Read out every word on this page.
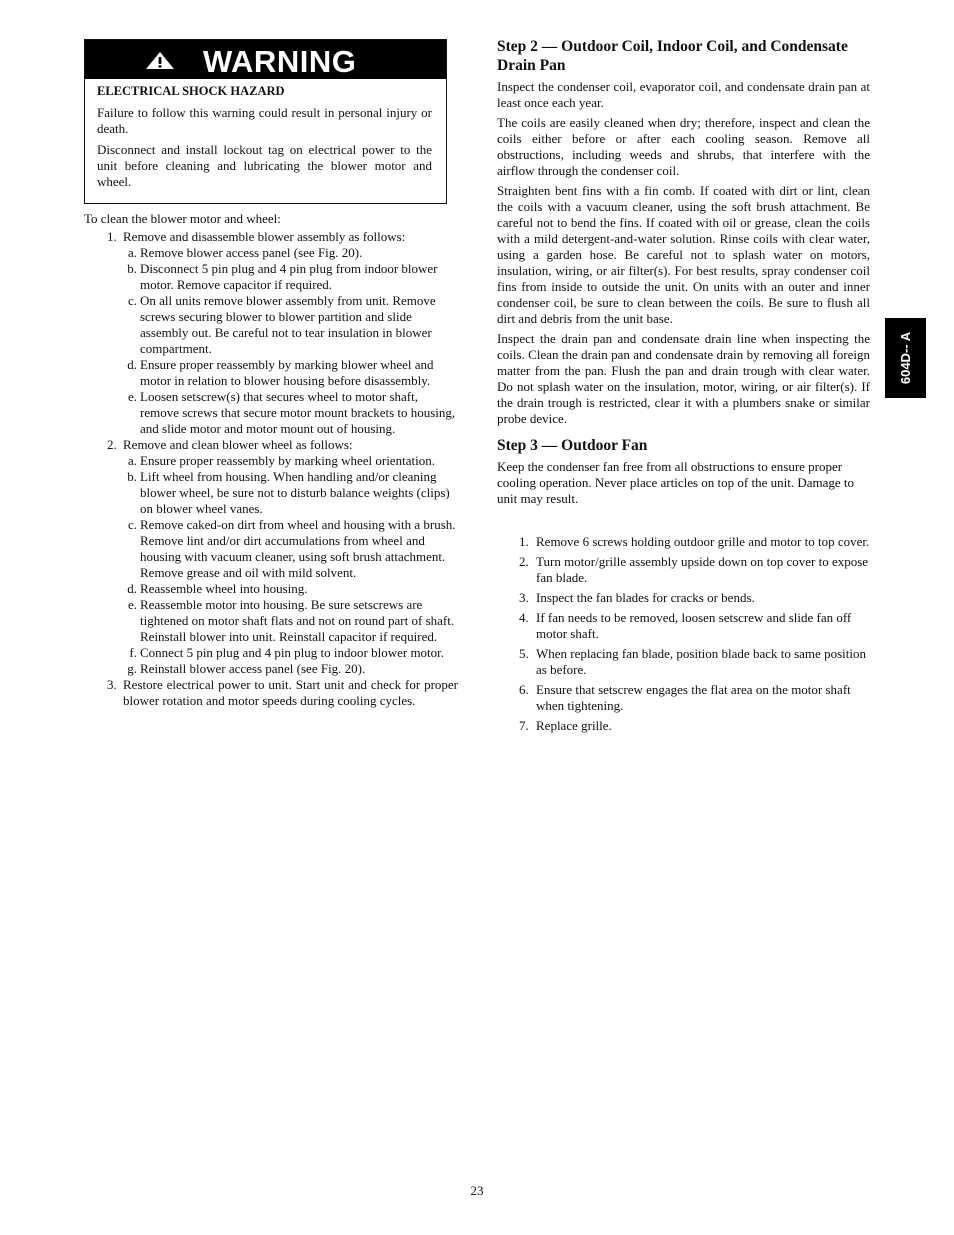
WARNING
ELECTRICAL SHOCK HAZARD

Failure to follow this warning could result in personal injury or death.

Disconnect and install lockout tag on electrical power to the unit before cleaning and lubricating the blower motor and wheel.

To clean the blower motor and wheel:
1. Remove and disassemble blower assembly as follows:
a. Remove blower access panel (see Fig. 20).
b. Disconnect 5 pin plug and 4 pin plug from indoor blower motor. Remove capacitor if required.
c. On all units remove blower assembly from unit. Remove screws securing blower to blower partition and slide assembly out. Be careful not to tear insulation in blower compartment.
d. Ensure proper reassembly by marking blower wheel and motor in relation to blower housing before disassembly.
e. Loosen setscrew(s) that secures wheel to motor shaft, remove screws that secure motor mount brackets to housing, and slide motor and motor mount out of housing.
2. Remove and clean blower wheel as follows:
a. Ensure proper reassembly by marking wheel orientation.
b. Lift wheel from housing. When handling and/or cleaning blower wheel, be sure not to disturb balance weights (clips) on blower wheel vanes.
c. Remove caked-on dirt from wheel and housing with a brush. Remove lint and/or dirt accumulations from wheel and housing with vacuum cleaner, using soft brush attachment. Remove grease and oil with mild solvent.
d. Reassemble wheel into housing.
e. Reassemble motor into housing. Be sure setscrews are tightened on motor shaft flats and not on round part of shaft. Reinstall blower into unit. Reinstall capacitor if required.
f. Connect 5 pin plug and 4 pin plug to indoor blower motor.
g. Reinstall blower access panel (see Fig. 20).
3. Restore electrical power to unit. Start unit and check for proper blower rotation and motor speeds during cooling cycles.
Step 2 — Outdoor Coil, Indoor Coil, and Condensate Drain Pan

Inspect the condenser coil, evaporator coil, and condensate drain pan at least once each year.

The coils are easily cleaned when dry; therefore, inspect and clean the coils either before or after each cooling season. Remove all obstructions, including weeds and shrubs, that interfere with the airflow through the condenser coil.

Straighten bent fins with a fin comb. If coated with dirt or lint, clean the coils with a vacuum cleaner, using the soft brush attachment. Be careful not to bend the fins. If coated with oil or grease, clean the coils with a mild detergent-and-water solution. Rinse coils with clear water, using a garden hose. Be careful not to splash water on motors, insulation, wiring, or air filter(s). For best results, spray condenser coil fins from inside to outside the unit. On units with an outer and inner condenser coil, be sure to clean between the coils. Be sure to flush all dirt and debris from the unit base.

Inspect the drain pan and condensate drain line when inspecting the coils. Clean the drain pan and condensate drain by removing all foreign matter from the pan. Flush the pan and drain trough with clear water. Do not splash water on the insulation, motor, wiring, or air filter(s). If the drain trough is restricted, clear it with a plumbers snake or similar probe device.

Step 3 — Outdoor Fan

Keep the condenser fan free from all obstructions to ensure proper cooling operation. Never place articles on top of the unit. Damage to unit may result.

1. Remove 6 screws holding outdoor grille and motor to top cover.
2. Turn motor/grille assembly upside down on top cover to expose fan blade.
3. Inspect the fan blades for cracks or bends.
4. If fan needs to be removed, loosen setscrew and slide fan off motor shaft.
5. When replacing fan blade, position blade back to same position as before.
6. Ensure that setscrew engages the flat area on the motor shaft when tightening.
7. Replace grille.
604D-- A
23
